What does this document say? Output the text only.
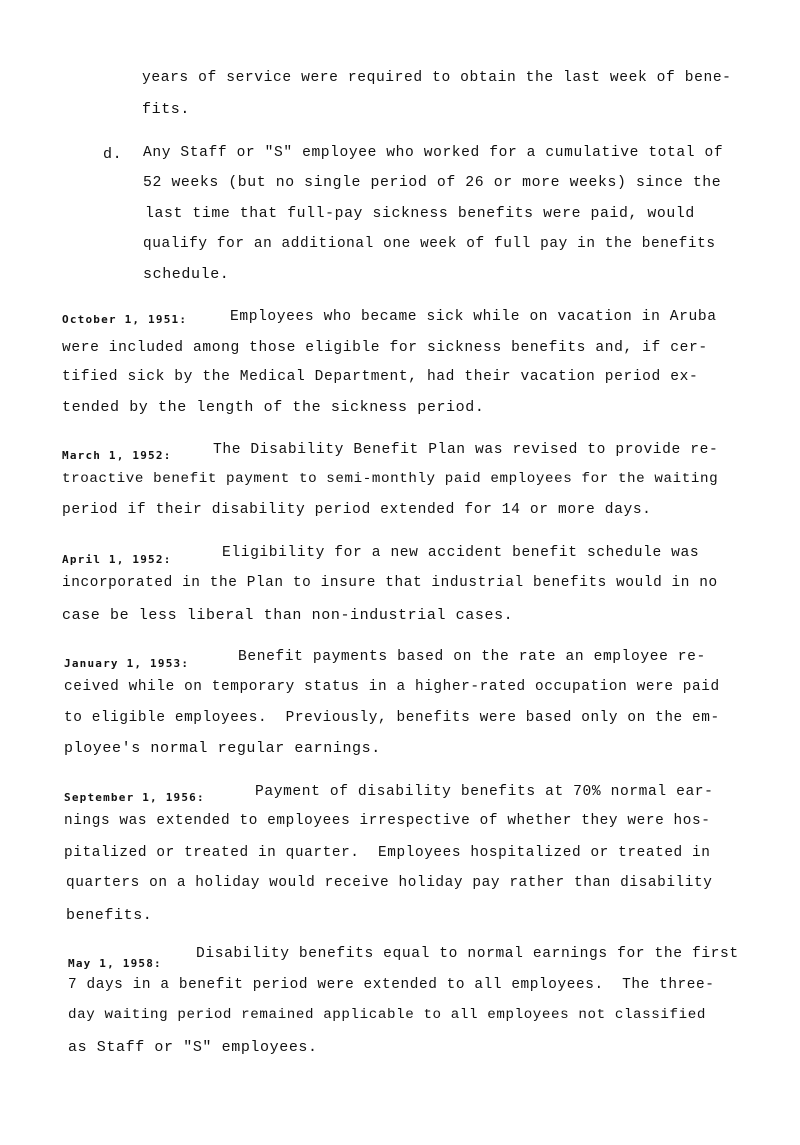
years of service were required to obtain the last week of bene-
fits.
d. Any Staff or "S" employee who worked for a cumulative total of
52 weeks (but no single period of 26 or more weeks) since the
last time that full-pay sickness benefits were paid, would
qualify for an additional one week of full pay in the benefits
schedule.
October 1, 1951:	Employees who became sick while on vacation in Aruba
were included among those eligible for sickness benefits and, if cer-
tified sick by the Medical Department, had their vacation period ex-
tended by the length of the sickness period.
March 1, 1952:	The Disability Benefit Plan was revised to provide re-
troactive benefit payment to semi-monthly paid employees for the waiting
period if their disability period extended for 14 or more days.
April 1, 1952:	Eligibility for a new accident benefit schedule was
incorporated in the Plan to insure that industrial benefits would in no
case be less liberal than non-industrial cases.
January 1, 1953:	Benefit payments based on the rate an employee re-
ceived while on temporary status in a higher-rated occupation were paid
to eligible employees.  Previously, benefits were based only on the em-
ployee's normal regular earnings.
September 1, 1956:	Payment of disability benefits at 70% normal ear-
nings was extended to employees irrespective of whether they were hos-
pitalized or treated in quarter.  Employees hospitalized or treated in
quarters on a holiday would receive holiday pay rather than disability
benefits.
May 1, 1958:
Disability benefits equal to normal earnings for the first
7 days in a benefit period were extended to all employees.  The three-
day waiting period remained applicable to all employees not classified
as Staff or "S" employees.
